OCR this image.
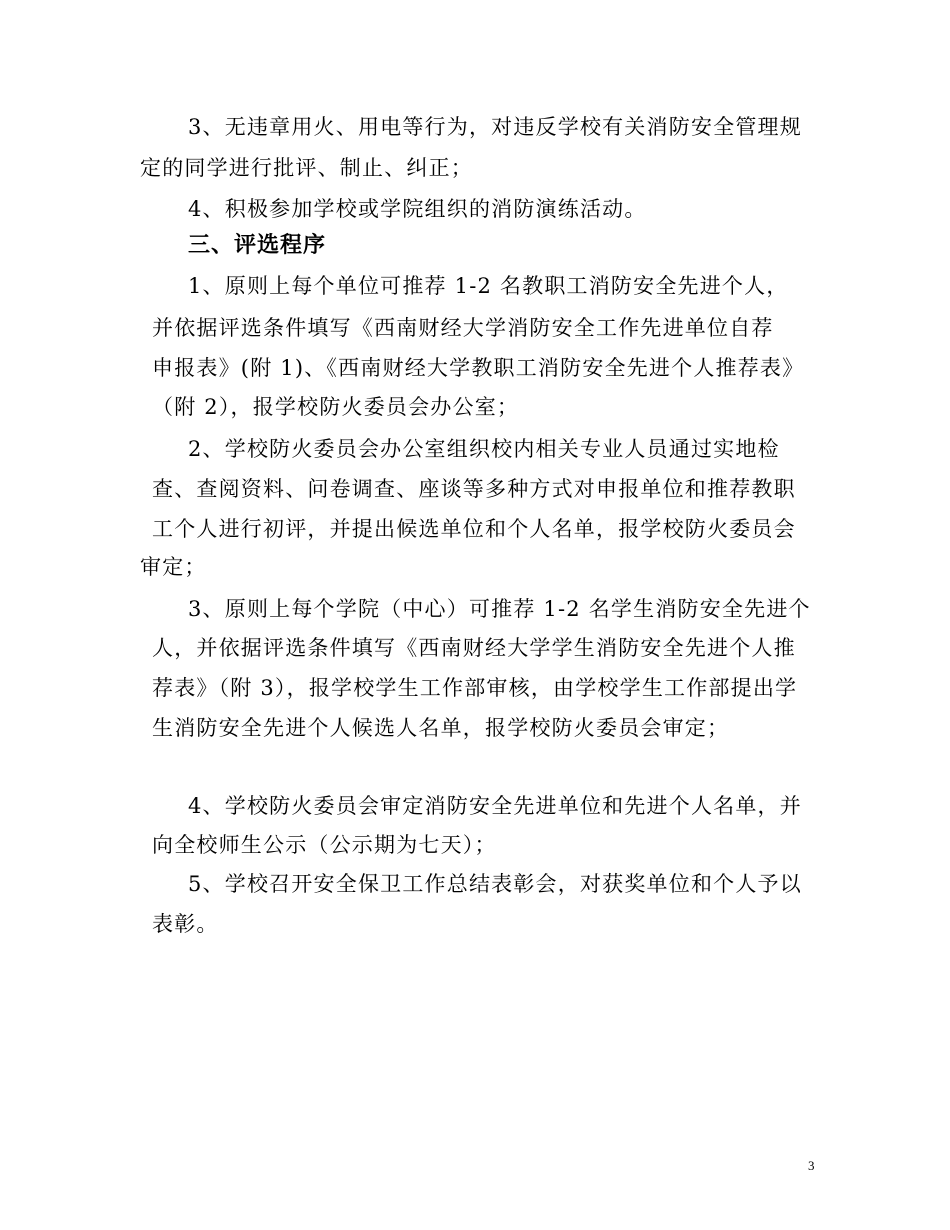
3、无违章用火、用电等行为，对违反学校有关消防安全管理规
定的同学进行批评、制止、纠正；
4、积极参加学校或学院组织的消防演练活动。
三、评选程序
1、原则上每个单位可推荐 1-2 名教职工消防安全先进个人，
并依据评选条件填写《西南财经大学消防安全工作先进单位自荐
申报表》(附 1)、《西南财经大学教职工消防安全先进个人推荐表》
（附 2），报学校防火委员会办公室；
2、学校防火委员会办公室组织校内相关专业人员通过实地检
查、查阅资料、问卷调查、座谈等多种方式对申报单位和推荐教职
工个人进行初评，并提出候选单位和个人名单，报学校防火委员会
审定；
3、原则上每个学院（中心）可推荐 1-2 名学生消防安全先进个
人，并依据评选条件填写《西南财经大学学生消防安全先进个人推
荐表》（附 3），报学校学生工作部审核，由学校学生工作部提出学
生消防安全先进个人候选人名单，报学校防火委员会审定；
4、学校防火委员会审定消防安全先进单位和先进个人名单，并
向全校师生公示（公示期为七天）；
5、学校召开安全保卫工作总结表彰会，对获奖单位和个人予以
表彰。
3
